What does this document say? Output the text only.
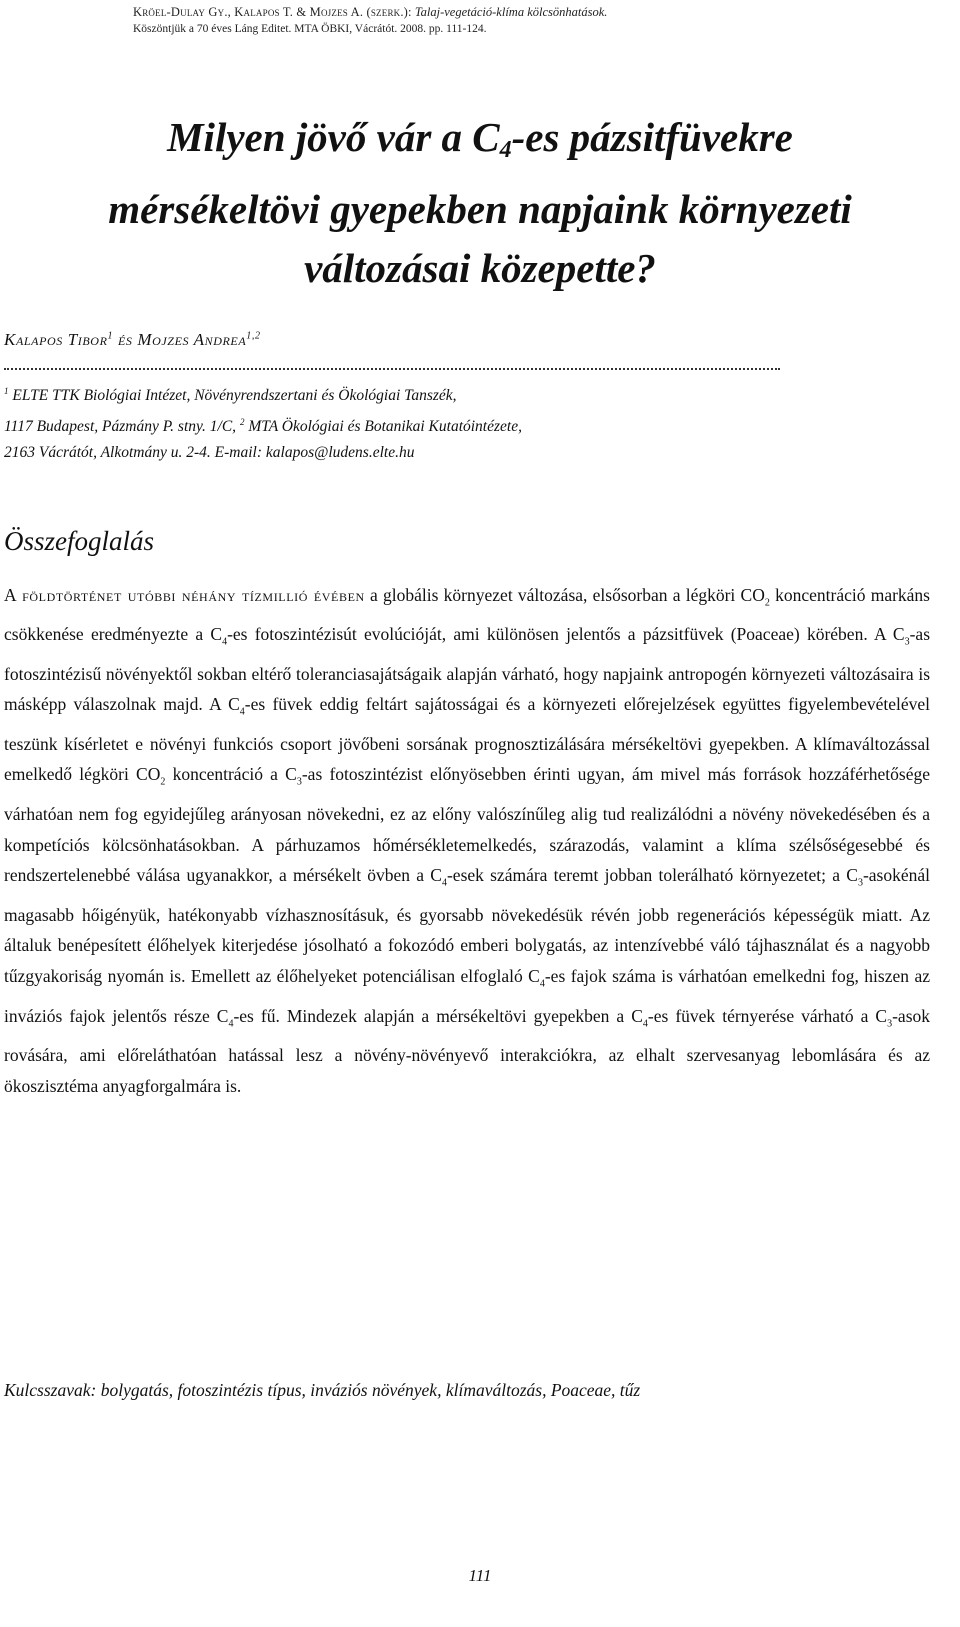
Kröel-Dulay Gy., Kalapos T. & Mojzes A. (szerk.): Talaj-vegetáció-klíma kölcsönhatások.
Köszöntjük a 70 éves Láng Editet. MTA ÖBKI, Vácrátót. 2008. pp. 111-124.
Milyen jövő vár a $C_4-es$ pázsitfüvekre
mérsékeltövi gyepekben napjaink környezeti
változásai közepette?
Kalapos Tibor$^1$ és Mojzes Andrea$^{1,2}$
$^1$ ELTE TTK Biológiai Intézet, Növényrendszertani és Ökológiai Tanszék,
1117 Budapest, Pázmány P. stny. 1/C, $^2$ MTA Ökológiai és Botanikai Kutatóintézete,
2163 Vácrátót, Alkotmány u. 2-4. E-mail: kalapos@ludens.elte.hu
Összefoglalás

A földtörténet utóbbi néhány tízmillió évében a globális környezet változása, elsősorban a légköri $CO_2$ koncentráció markáns csökkenése eredményezte a $C_4-es$ fotoszintézisút evolúcióját, ami különösen jelentős a pázsitfüvek (Poaceae) körében. A $C_3-as$ fotoszintézisű növényektől sokban eltérő toleranciasajátságaik alapján várható, hogy napjaink antropogén környezeti változásaira is másképp válaszolnak majd. A $C_4-es$ füvek eddig feltárt sajátosságai és a környezeti előrejelzések együttes figyelembevételével teszünk kísérletet e növényi funkciós csoport jövőbeni sorsának prognosztizálására mérsékeltövi gyepekben. A klímaváltozással emelkedő légköri $CO_2$ koncentráció a $C_3-as$ fotoszintézist előnyösebben érinti ugyan, ám mivel más források hozzáférhetősége várhatóan nem fog egyidejűleg arányosan növekedni, ez az előny valószínűleg alig tud realizálódni a növény növekedésében és a kompetíciós kölcsönhatásokban. A párhuzamos hőmérsékletemelkedés, szárazodás, valamint a klíma szélsőségesebbé és rendszertelenebbé válása ugyanakkor, a mérsékelt övben a $C_4$-esek számára teremt jobban tolerálható környezetet; a $C_3$-asokénál magasabb hőigényük, hatékonyabb vízhasznosításuk, és gyorsabb növekedésük révén jobb regenerációs képességük miatt. Az általuk benépesített élőhelyek kiterjedése jósolható a fokozódó emberi bolygatás, az intenzívebbé váló tájhasználat és a nagyobb tűzgyakoriság nyomán is. Emellett az élőhelyeket potenciálisan elfoglaló $C_4-es$ fajok száma is várhatóan emelkedni fog, hiszen az inváziós fajok jelentős része $C_4-es$ fű. Mindezek alapján a mérsékeltövi gyepekben a $C_4-es$ füvek térnyerése várható a $C_3$-asok rovására, ami előreláthatóan hatással lesz a növény-növényevő interakciókra, az elhalt szervesanyag lebomlására és az ökoszisztéma anyagforgalmára is.

Kulcsszavak: bolygatás, fotoszintézis típus, inváziós növények, klímaváltozás, Poaceae, tűz
111
